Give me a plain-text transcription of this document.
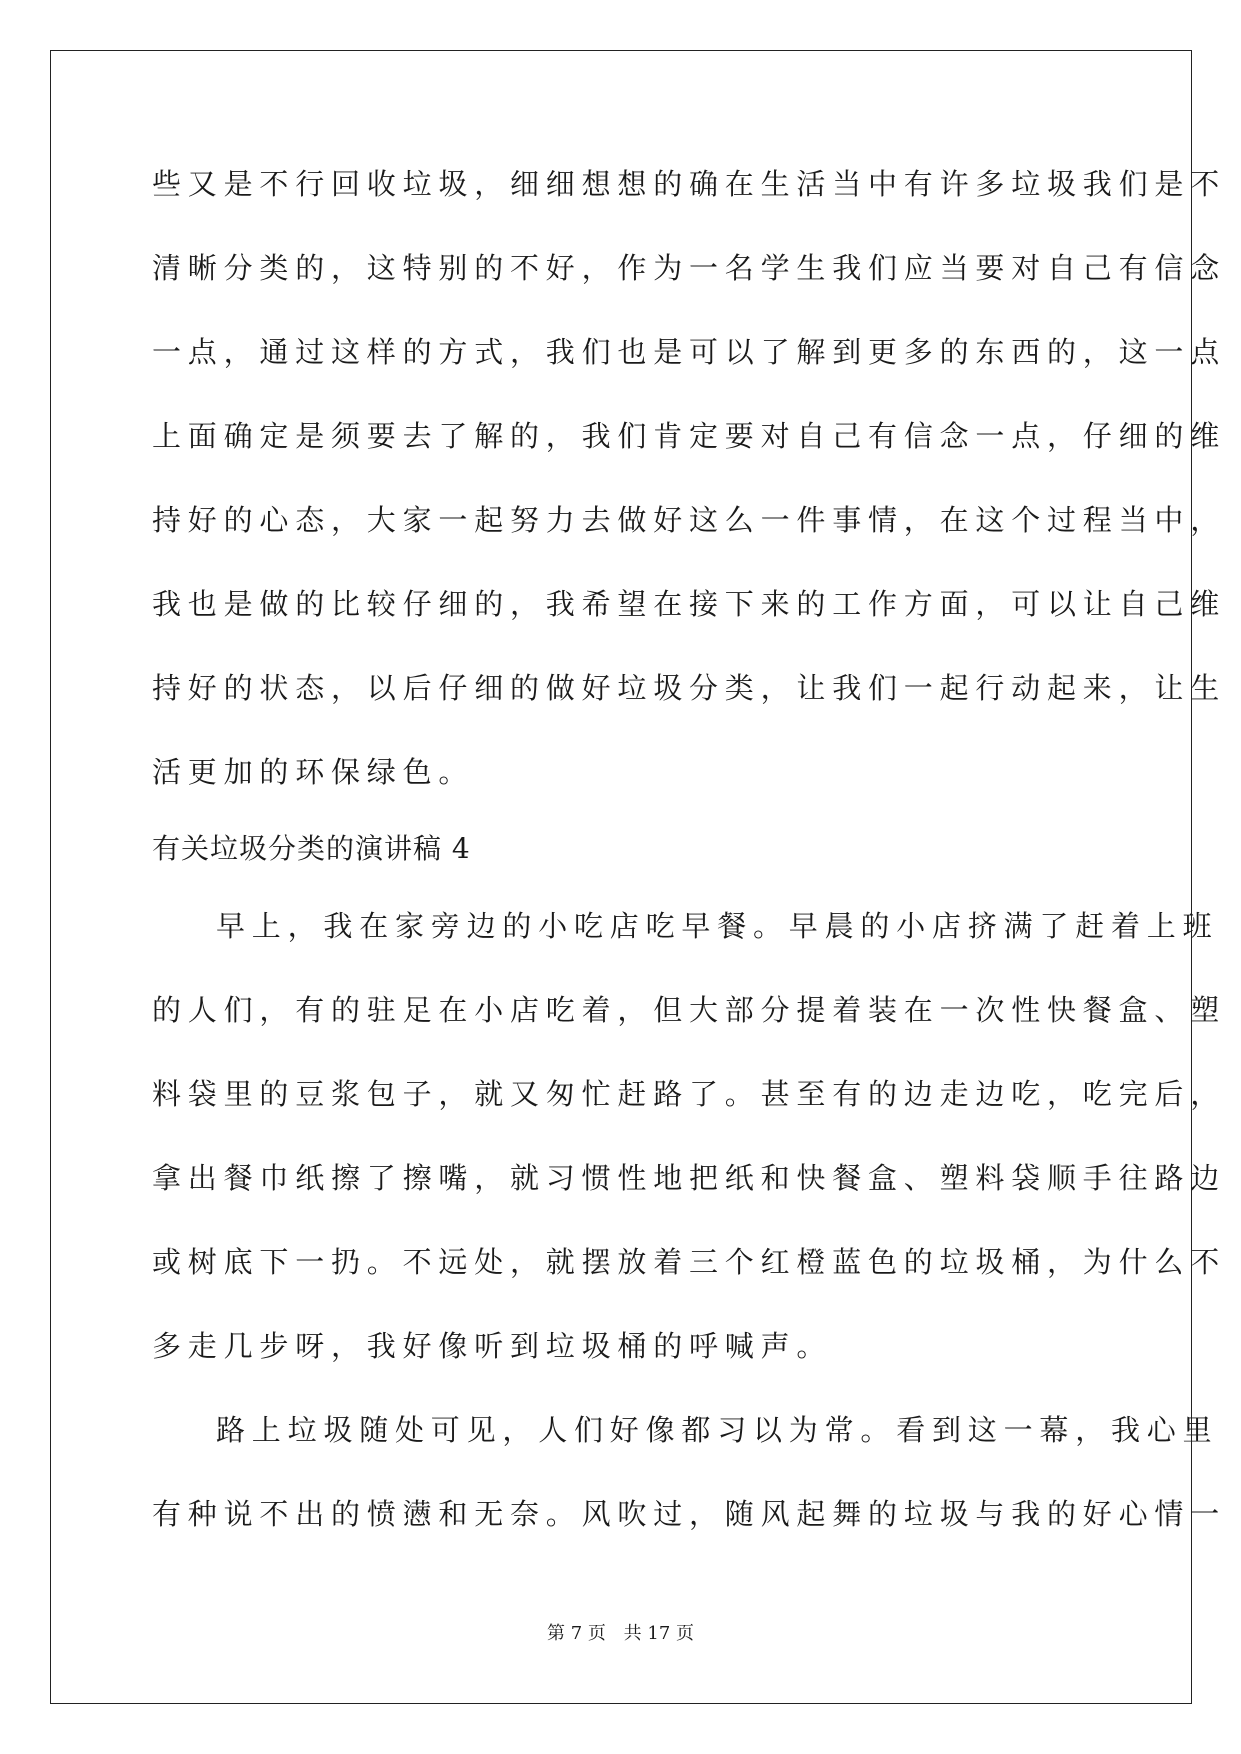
些又是不行回收垃圾，细细想想的确在生活当中有许多垃圾我们是不
清晰分类的，这特别的不好，作为一名学生我们应当要对自己有信念
一点，通过这样的方式，我们也是可以了解到更多的东西的，这一点
上面确定是须要去了解的，我们肯定要对自己有信念一点，仔细的维
持好的心态，大家一起努力去做好这么一件事情，在这个过程当中，
我也是做的比较仔细的，我希望在接下来的工作方面，可以让自己维
持好的状态，以后仔细的做好垃圾分类，让我们一起行动起来，让生
活更加的环保绿色。
有关垃圾分类的演讲稿 4
早上，我在家旁边的小吃店吃早餐。早晨的小店挤满了赶着上班
的人们，有的驻足在小店吃着，但大部分提着装在一次性快餐盒、塑
料袋里的豆浆包子，就又匆忙赶路了。甚至有的边走边吃，吃完后，
拿出餐巾纸擦了擦嘴，就习惯性地把纸和快餐盒、塑料袋顺手往路边
或树底下一扔。不远处，就摆放着三个红橙蓝色的垃圾桶，为什么不
多走几步呀，我好像听到垃圾桶的呼喊声。
路上垃圾随处可见，人们好像都习以为常。看到这一幕，我心里
有种说不出的愤懑和无奈。风吹过，随风起舞的垃圾与我的好心情一
第 7 页 共 17 页
